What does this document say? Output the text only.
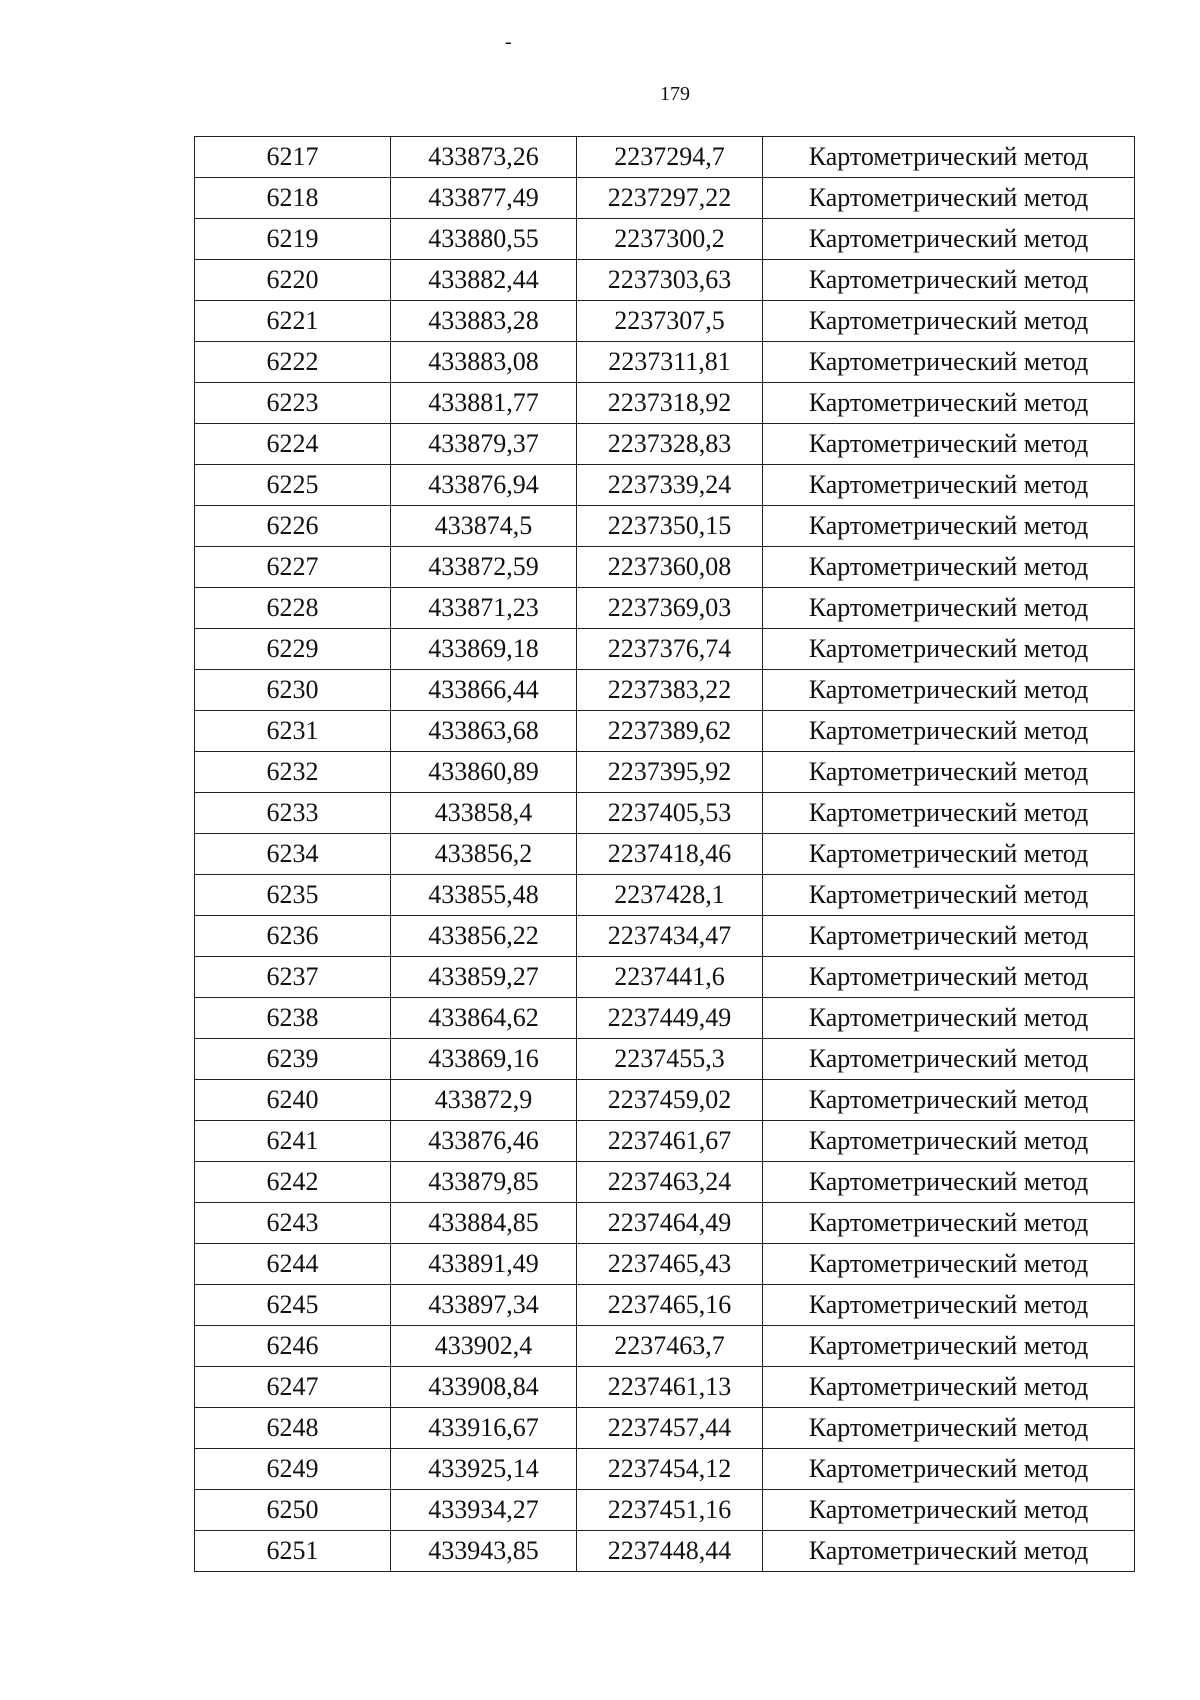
-
179
6217	433873,26	2237294,7	Картометрический метод
6218	433877,49	2237297,22	Картометрический метод
6219	433880,55	2237300,2	Картометрический метод
6220	433882,44	2237303,63	Картометрический метод
6221	433883,28	2237307,5	Картометрический метод
6222	433883,08	2237311,81	Картометрический метод
6223	433881,77	2237318,92	Картометрический метод
6224	433879,37	2237328,83	Картометрический метод
6225	433876,94	2237339,24	Картометрический метод
6226	433874,5	2237350,15	Картометрический метод
6227	433872,59	2237360,08	Картометрический метод
6228	433871,23	2237369,03	Картометрический метод
6229	433869,18	2237376,74	Картометрический метод
6230	433866,44	2237383,22	Картометрический метод
6231	433863,68	2237389,62	Картометрический метод
6232	433860,89	2237395,92	Картометрический метод
6233	433858,4	2237405,53	Картометрический метод
6234	433856,2	2237418,46	Картометрический метод
6235	433855,48	2237428,1	Картометрический метод
6236	433856,22	2237434,47	Картометрический метод
6237	433859,27	2237441,6	Картометрический метод
6238	433864,62	2237449,49	Картометрический метод
6239	433869,16	2237455,3	Картометрический метод
6240	433872,9	2237459,02	Картометрический метод
6241	433876,46	2237461,67	Картометрический метод
6242	433879,85	2237463,24	Картометрический метод
6243	433884,85	2237464,49	Картометрический метод
6244	433891,49	2237465,43	Картометрический метод
6245	433897,34	2237465,16	Картометрический метод
6246	433902,4	2237463,7	Картометрический метод
6247	433908,84	2237461,13	Картометрический метод
6248	433916,67	2237457,44	Картометрический метод
6249	433925,14	2237454,12	Картометрический метод
6250	433934,27	2237451,16	Картометрический метод
6251	433943,85	2237448,44	Картометрический метод
